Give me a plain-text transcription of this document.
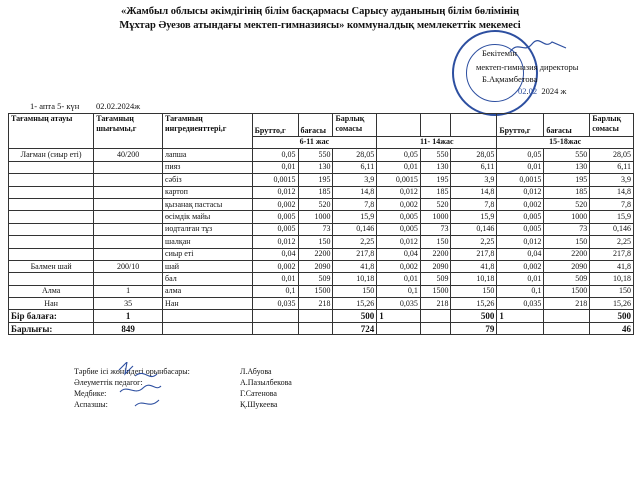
«Жамбыл облысы әкімдігінің білім басқармасы Сарысу ауданының білім бөлімінің
Мұхтар Әуезов атындағы мектеп-гимназиясы» коммуналдық мемлекеттік мекемесі
Бекітемін
мектеп-гимназия директоры
Б.Ақмамбетова
02.02 2024 ж
1- апта 5- күн 02.02.2024ж
Тағамның атауы	Тағамның шығымы,г	Тағамның ингредиенттері,г	Брутто,г	бағасы	Барлық сомасы				Брутто,г	бағасы	Барлық сомасы
			6-11 жас			11- 14жас			15-18жас		
Лағман (сиыр еті)	40/200	лапша	0,05	550	28,05	0,05	550	28,05	0,05	550	28,05
		пияз	0,01	130	6,11	0,01	130	6,11	0,01	130	6,11
		сәбіз	0,0015	195	3,9	0,0015	195	3,9	0,0015	195	3,9
		картоп	0,012	185	14,8	0,012	185	14,8	0,012	185	14,8
		қызанақ пастасы	0,002	520	7,8	0,002	520	7,8	0,002	520	7,8
		өсімдік майы	0,005	1000	15,9	0,005	1000	15,9	0,005	1000	15,9
		иодталған тұз	0,005	73	0,146	0,005	73	0,146	0,005	73	0,146
		шалқан	0,012	150	2,25	0,012	150	2,25	0,012	150	2,25
		сиыр еті	0,04	2200	217,8	0,04	2200	217,8	0,04	2200	217,8
Балмен шай	200/10	шай	0,002	2090	41,8	0,002	2090	41,8	0,002	2090	41,8
		бал	0,01	509	10,18	0,01	509	10,18	0,01	509	10,18
Алма	1	алма	0,1	1500	150	0,1	1500	150	0,1	1500	150
Нан	35	Нан	0,035	218	15,26	0,035	218	15,26	0,035	218	15,26
Бір балаға:	1				500	1		500	1		500
Барлығы:	849				724			79			46
Тәрбие ісі жөніндегі орынбасары:	Л.Абуова
Әлеуметтік педагог:	А.Пазылбекова
Медбике:	Г.Сатенова
Аспазшы:	Қ.Шукеева
